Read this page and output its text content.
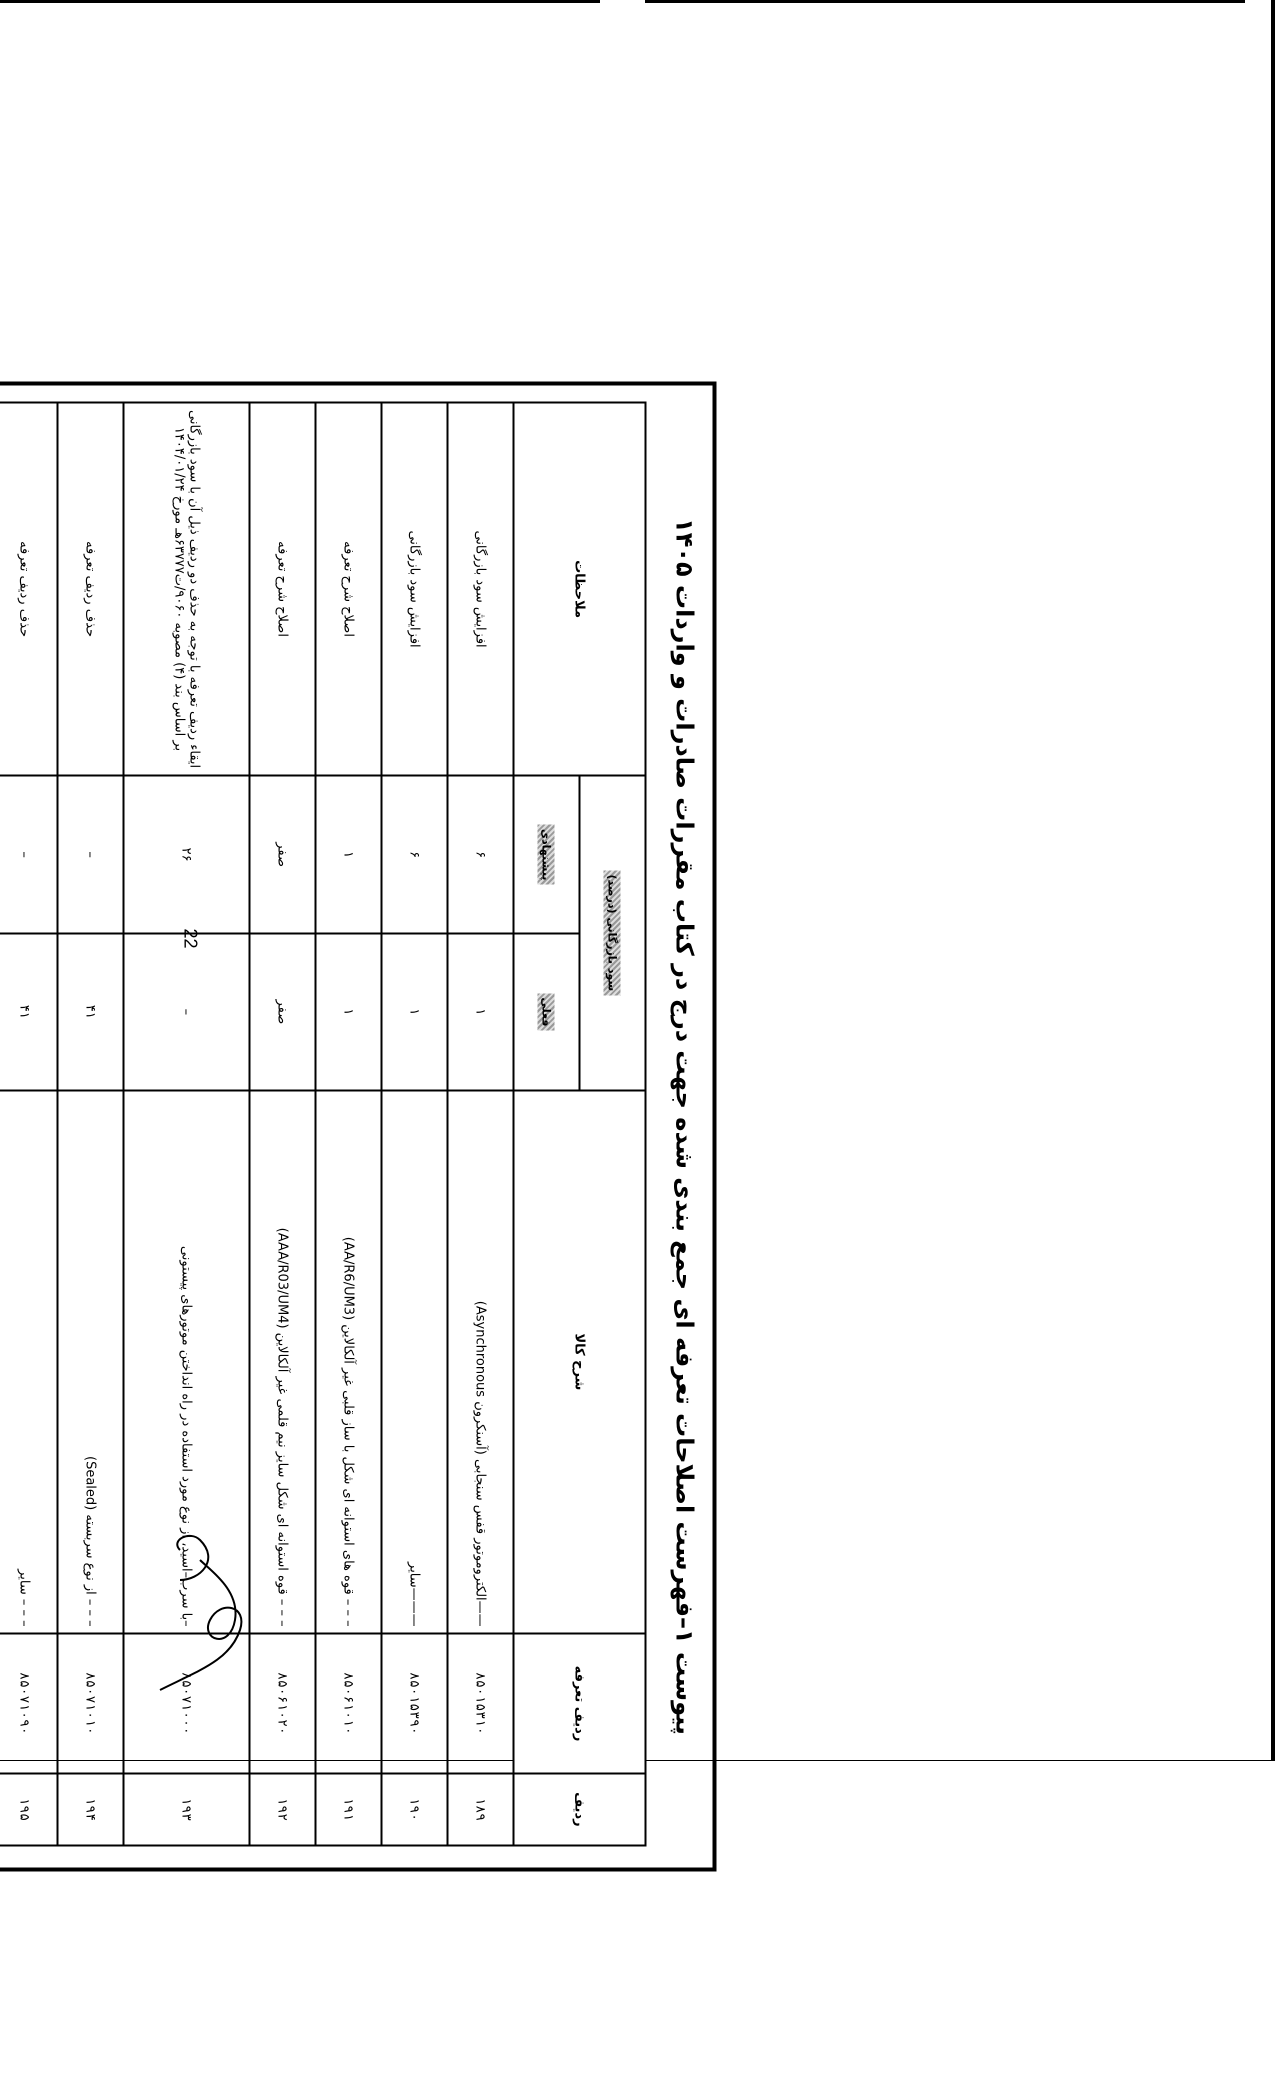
22
پیوست ۱–فهرست اصلاحات تعرفه ای جمع بندی شده جهت درج در کتاب مقررات صادرات و واردات ۱۴۰۵
ردیف	ردیف تعرفه	شرح کالا	سود بازرگانی (درصد)		ملاحظات
			فعلی	پیشنهادی	
۱۸۹	۸۵۰۱۵۳۱۰	——الکتروموتور قفس سنجابی (آسنکرون Asynchronous)	۱	۶	افزایش سود بازرگانی
۱۹۰	۸۵۰۱۵۳۹۰	———سایر	۱	۶	افزایش سود بازرگانی
۱۹۱	۸۵۰۶۱۰۱۰	– – – قوه های استوانه ای شکل با ساز قلبی غیر آلکالاین (AA/R6/UM3)	۱	۱	اصلاح شرح تعرفه
۱۹۲	۸۵۰۶۱۰۲۰	– – – قوه استوانه ای شکل سایز نیم قلمی غیر آلکالاین (AAA/R03/UM4)	صفر	صفر	اصلاح شرح تعرفه
۱۹۳	۸۵۰۷۱۰۰۰	–با سرب–اسید، از نوع مورد استفاده در راه انداختن موتورهای پیستونی	–	۲۶	ایقاء ردیف تعرفه با توجه به حذف دو ردیف ذیل آن با سود بازرگانی بر اساس بند (۴) مصوبه ۹۰۶۰/ت۶۳۷۷۷هـ مورخ ۱۴۰۴/۰۱/۲۴
۱۹۴	۸۵۰۷۱۰۱۰	– – – از نوع سربسته (Sealed)	۴۱	–	حذف ردیف تعرفه
۱۹۵	۸۵۰۷۱۰۹۰	– – – سایر	۴۱	–	حذف ردیف تعرفه
